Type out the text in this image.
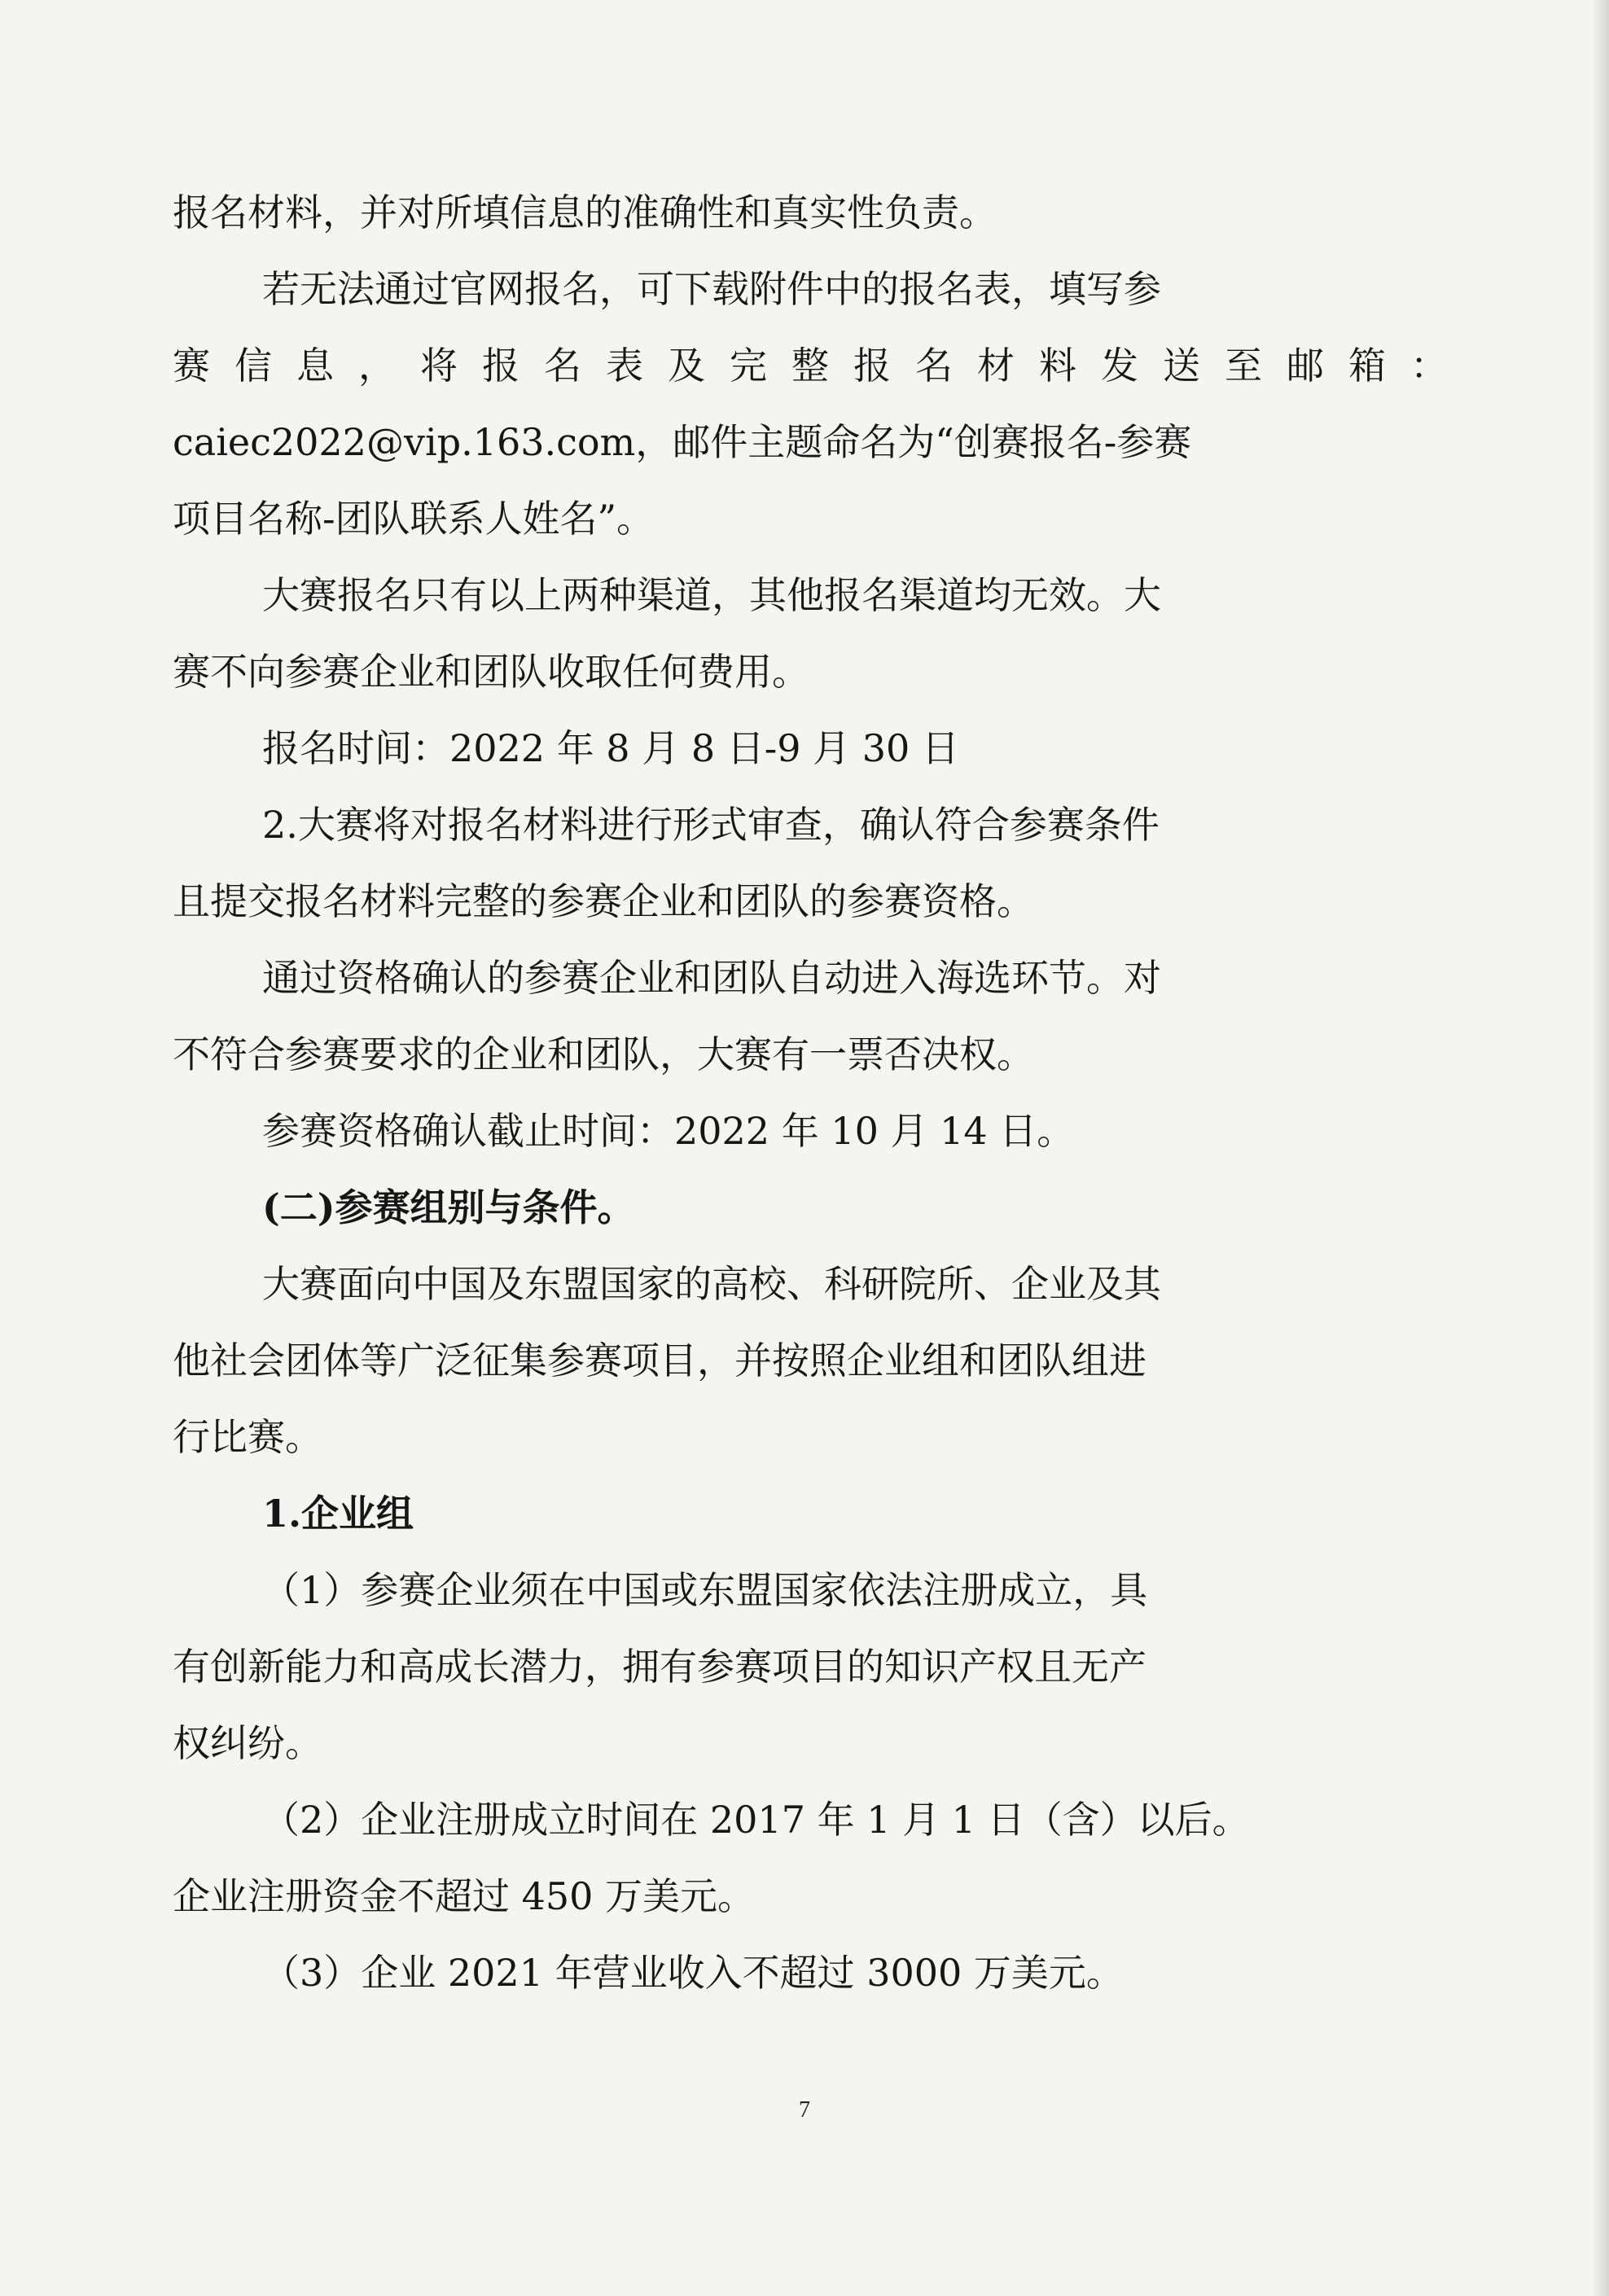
报名材料，并对所填信息的准确性和真实性负责。
若无法通过官网报名，可下载附件中的报名表，填写参
赛信息，将报名表及完整报名材料发送至邮箱：
caiec2022@vip.163.com，邮件主题命名为“创赛报名-参赛
项目名称-团队联系人姓名”。
大赛报名只有以上两种渠道，其他报名渠道均无效。大
赛不向参赛企业和团队收取任何费用。
报名时间：2022 年 8 月 8 日-9 月 30 日
2.大赛将对报名材料进行形式审查，确认符合参赛条件
且提交报名材料完整的参赛企业和团队的参赛资格。
通过资格确认的参赛企业和团队自动进入海选环节。对
不符合参赛要求的企业和团队，大赛有一票否决权。
参赛资格确认截止时间：2022 年 10 月 14 日。
(二)参赛组别与条件。
大赛面向中国及东盟国家的高校、科研院所、企业及其
他社会团体等广泛征集参赛项目，并按照企业组和团队组进
行比赛。
1.企业组
（1）参赛企业须在中国或东盟国家依法注册成立，具
有创新能力和高成长潜力，拥有参赛项目的知识产权且无产
权纠纷。
（2）企业注册成立时间在 2017 年 1 月 1 日（含）以后。
企业注册资金不超过 450 万美元。
（3）企业 2021 年营业收入不超过 3000 万美元。
7
